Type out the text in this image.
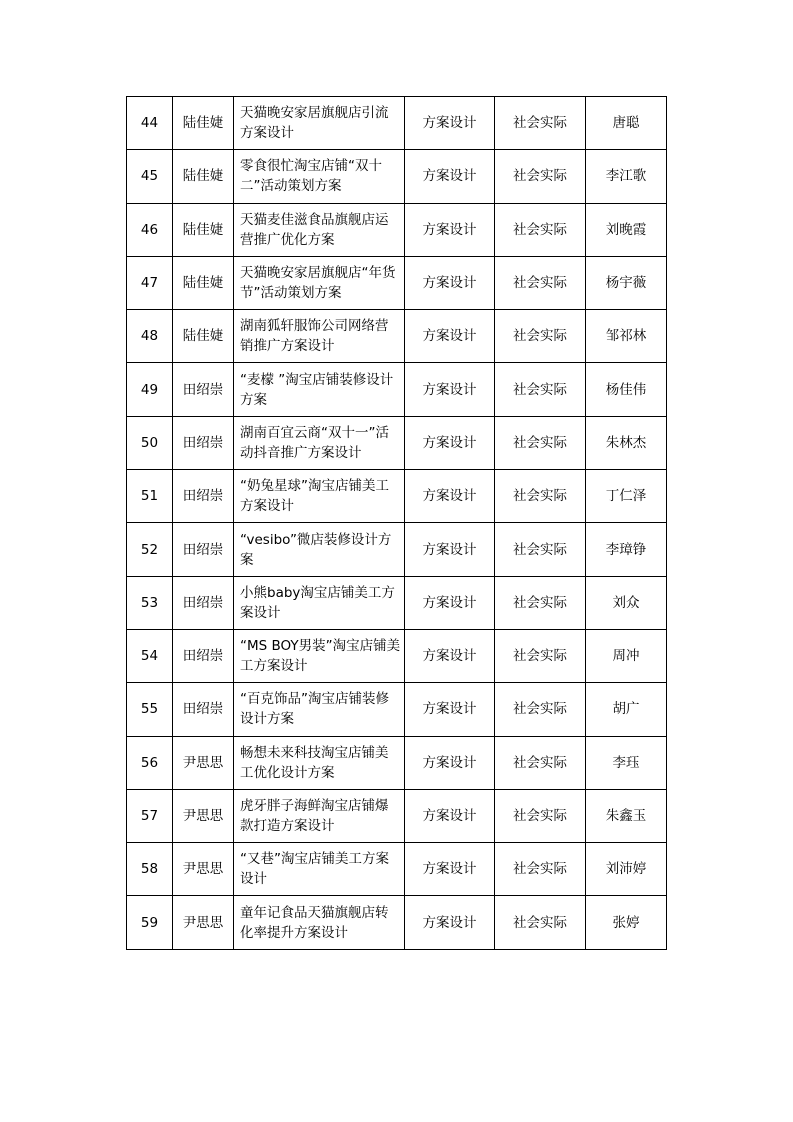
44	陆佳婕	天猫晚安家居旗舰店引流方案设计	方案设计	社会实际	唐聪
45	陆佳婕	零食很忙淘宝店铺“双十二”活动策划方案	方案设计	社会实际	李江歌
46	陆佳婕	天猫麦佳滋食品旗舰店运营推广优化方案	方案设计	社会实际	刘晚霞
47	陆佳婕	天猫晚安家居旗舰店“年货节”活动策划方案	方案设计	社会实际	杨宇薇
48	陆佳婕	湖南狐轩服饰公司网络营销推广方案设计	方案设计	社会实际	邹祁林
49	田绍崇	“麦檬 ”淘宝店铺装修设计方案	方案设计	社会实际	杨佳伟
50	田绍崇	湖南百宜云商“双十一”活动抖音推广方案设计	方案设计	社会实际	朱林杰
51	田绍崇	“奶兔星球”淘宝店铺美工方案设计	方案设计	社会实际	丁仁泽
52	田绍崇	“vesibo”微店装修设计方案	方案设计	社会实际	李璋铮
53	田绍崇	小熊baby淘宝店铺美工方案设计	方案设计	社会实际	刘众
54	田绍崇	“MS BOY男装”淘宝店铺美工方案设计	方案设计	社会实际	周冲
55	田绍崇	“百克饰品”淘宝店铺装修设计方案	方案设计	社会实际	胡广
56	尹思思	畅想未来科技淘宝店铺美工优化设计方案	方案设计	社会实际	李珏
57	尹思思	虎牙胖子海鲜淘宝店铺爆款打造方案设计	方案设计	社会实际	朱鑫玉
58	尹思思	“又巷”淘宝店铺美工方案设计	方案设计	社会实际	刘沛婷
59	尹思思	童年记食品天猫旗舰店转化率提升方案设计	方案设计	社会实际	张婷
